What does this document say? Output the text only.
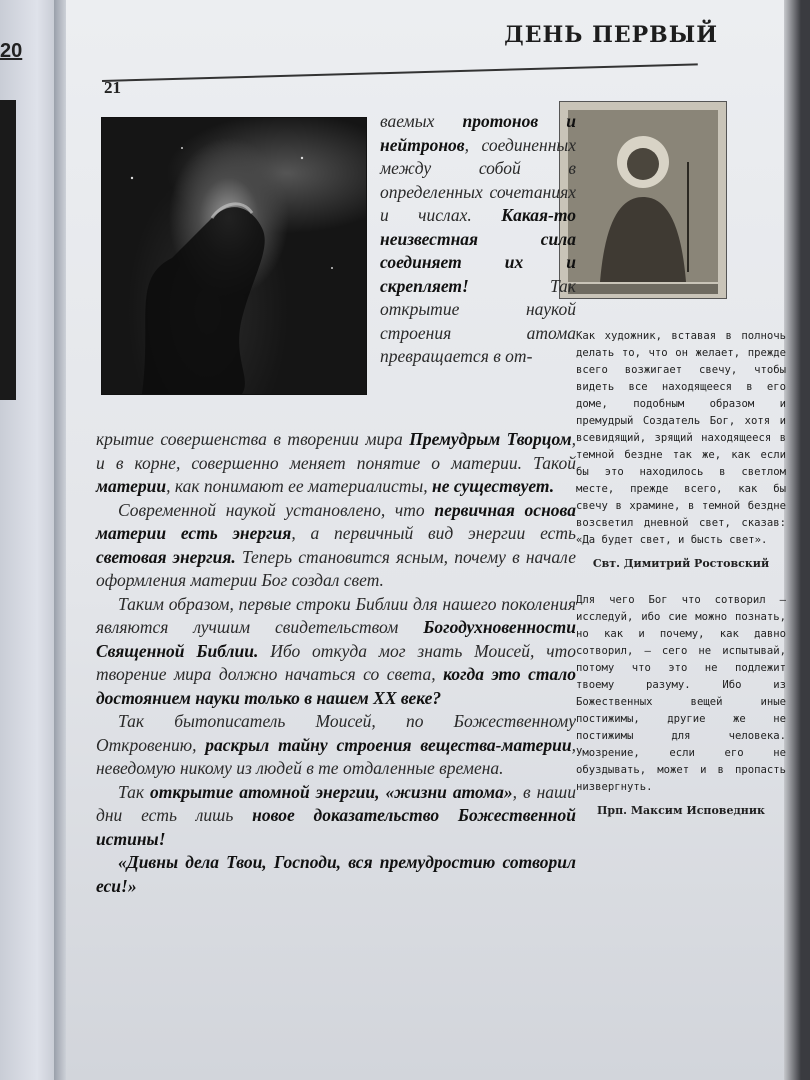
20
ДЕНЬ ПЕРВЫЙ
21

ваемых протонов и нейтронов, соединенных между собой в определенных сочетаниях и числах. Какая-то неизвестная сила соединяет их и скрепляет! Так открытие наукой строения атома превращается в от-

крытие совершенства в творении мира Премудрым Творцом, и в корне, совершенно меняет понятие о материи. Такой материи, как понимают ее материалисты, не существует.

Современной наукой установлено, что первичная основа материи есть энергия, а первичный вид энергии есть световая энергия. Теперь становится ясным, почему в начале оформления материи Бог создал свет.

Таким образом, первые строки Библии для нашего поколения являются лучшим свидетельством Богодухновенности Священной Библии. Ибо откуда мог знать Моисей, что творение мира должно начаться со света, когда это стало достоянием науки только в нашем XX веке?

Так бытописатель Моисей, по Божественному Откровению, раскрыл тайну строения вещества-материи, неведомую никому из людей в те отдаленные времена.

Так открытие атомной энергии, «жизни атома», в наши дни есть лишь новое доказательство Божественной истины!

«Дивны дела Твои, Господи, вся премудростию сотворил еси!»

Как художник, вставая в полночь делать то, что он желает, прежде всего возжигает свечу, чтобы видеть все находящееся в его доме, подобным образом и премудрый Создатель Бог, хотя и всевидящий, зрящий находящееся в темной бездне так же, как если бы это находилось в светлом месте, прежде всего, как бы свечу в храмине, в темной бездне возсветил дневной свет, сказав: «Да будет свет, и бысть свет».

Свт. Димитрий Ростовский

Для чего Бог что сотворил — исследуй, ибо сие можно познать, но как и почему, как давно сотворил, — сего не испытывай, потому что это не подлежит твоему разуму. Ибо из Божественных вещей иные постижимы, другие же не постижимы для человека. Умозрение, если его не обуздывать, может и в пропасть низвергнуть.

Прп. Максим Исповедник
